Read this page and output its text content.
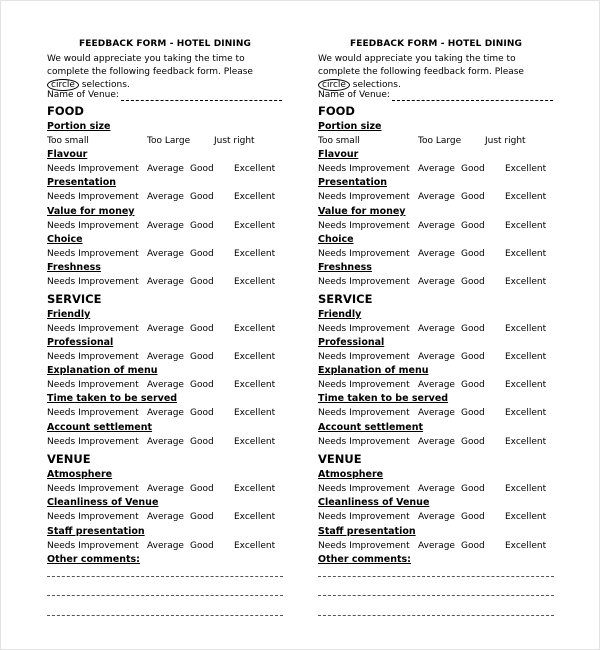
FEEDBACK FORM - HOTEL DINING
We would appreciate you taking the time to complete the following feedback form. Please circle selections.
Name of Venue:
FOOD
Portion size
Too small	Too Large	Just right
Flavour
Needs Improvement Average Good Excellent
Presentation
Needs Improvement Average Good Excellent
Value for money
Needs Improvement Average Good Excellent
Choice
Needs Improvement Average Good Excellent
Freshness
Needs Improvement Average Good Excellent
SERVICE
Friendly
Needs Improvement Average Good Excellent
Professional
Needs Improvement Average Good Excellent
Explanation of menu
Needs Improvement Average Good Excellent
Time taken to be served
Needs Improvement Average Good Excellent
Account settlement
Needs Improvement Average Good Excellent
VENUE
Atmosphere
Needs Improvement Average Good Excellent
Cleanliness of Venue
Needs Improvement Average Good Excellent
Staff presentation
Needs Improvement Average Good Excellent
Other comments:
FEEDBACK FORM - HOTEL DINING
We would appreciate you taking the time to complete the following feedback form. Please circle selections.
Name of Venue:
FOOD
Portion size
Too small	Too Large	Just right
Flavour
Needs Improvement Average Good Excellent
Presentation
Needs Improvement Average Good Excellent
Value for money
Needs Improvement Average Good Excellent
Choice
Needs Improvement Average Good Excellent
Freshness
Needs Improvement Average Good Excellent
SERVICE
Friendly
Needs Improvement Average Good Excellent
Professional
Needs Improvement Average Good Excellent
Explanation of menu
Needs Improvement Average Good Excellent
Time taken to be served
Needs Improvement Average Good Excellent
Account settlement
Needs Improvement Average Good Excellent
VENUE
Atmosphere
Needs Improvement Average Good Excellent
Cleanliness of Venue
Needs Improvement Average Good Excellent
Staff presentation
Needs Improvement Average Good Excellent
Other comments:
